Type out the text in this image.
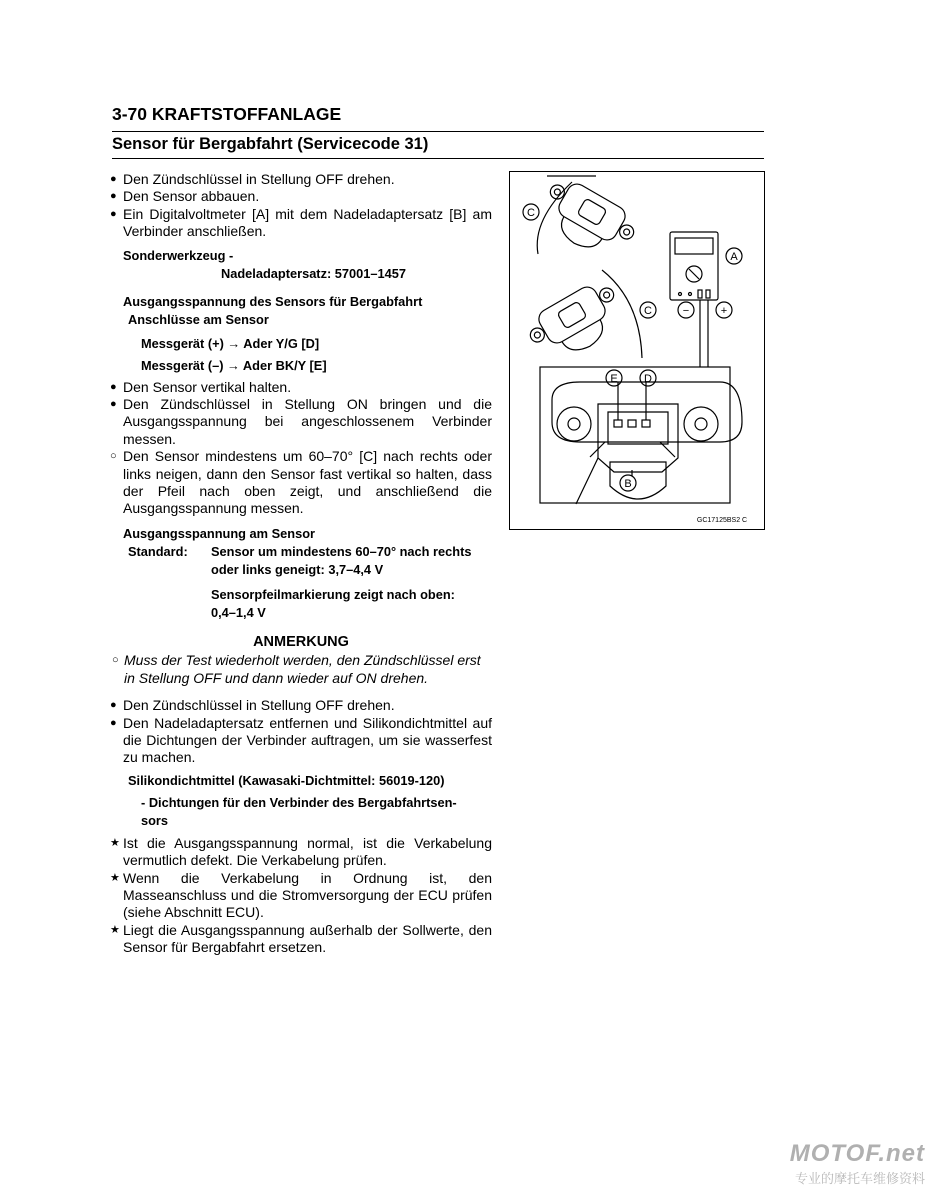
3-70 KRAFTSTOFFANLAGE
Sensor für Bergabfahrt (Servicecode 31)
● Den Zündschlüssel in Stellung OFF drehen.
● Den Sensor abbauen.
● Ein Digitalvoltmeter [A] mit dem Nadeladaptersatz [B] am Verbinder anschließen.
Sonderwerkzeug -
Nadeladaptersatz: 57001–1457
Ausgangsspannung des Sensors für Bergabfahrt
Anschlüsse am Sensor
Messgerät (+) → Ader Y/G [D]
Messgerät (–) → Ader BK/Y [E]
● Den Sensor vertikal halten.
● Den Zündschlüssel in Stellung ON bringen und die Ausgangsspannung bei angeschlossenem Verbinder messen.
○ Den Sensor mindestens um 60–70° [C] nach rechts oder links neigen, dann den Sensor fast vertikal so halten, dass der Pfeil nach oben zeigt, und anschließend die Ausgangsspannung messen.
Ausgangsspannung am Sensor
Standard: Sensor um mindestens 60–70° nach rechts
oder links geneigt: 3,7–4,4 V
Sensorpfeilmarkierung zeigt nach oben:
0,4–1,4 V
ANMERKUNG
○ Muss der Test wiederholt werden, den Zündschlüssel erst in Stellung OFF und dann wieder auf ON drehen.
● Den Zündschlüssel in Stellung OFF drehen.
● Den Nadeladaptersatz entfernen und Silikondichtmittel auf die Dichtungen der Verbinder auftragen, um sie wasserfest zu machen.
Silikondichtmittel (Kawasaki-Dichtmittel: 56019-120)
- Dichtungen für den Verbinder des Bergabfahrtsen-
sors
★ Ist die Ausgangsspannung normal, ist die Verkabelung vermutlich defekt. Die Verkabelung prüfen.
★ Wenn die Verkabelung in Ordnung ist, den Masseanschluss und die Stromversorgung der ECU prüfen (siehe Abschnitt ECU).
★ Liegt die Ausgangsspannung außerhalb der Sollwerte, den Sensor für Bergabfahrt ersetzen.
C
C
A
−	+
E D
B
GC17125BS2 C
MOTOF.net
专业的摩托车维修资料
